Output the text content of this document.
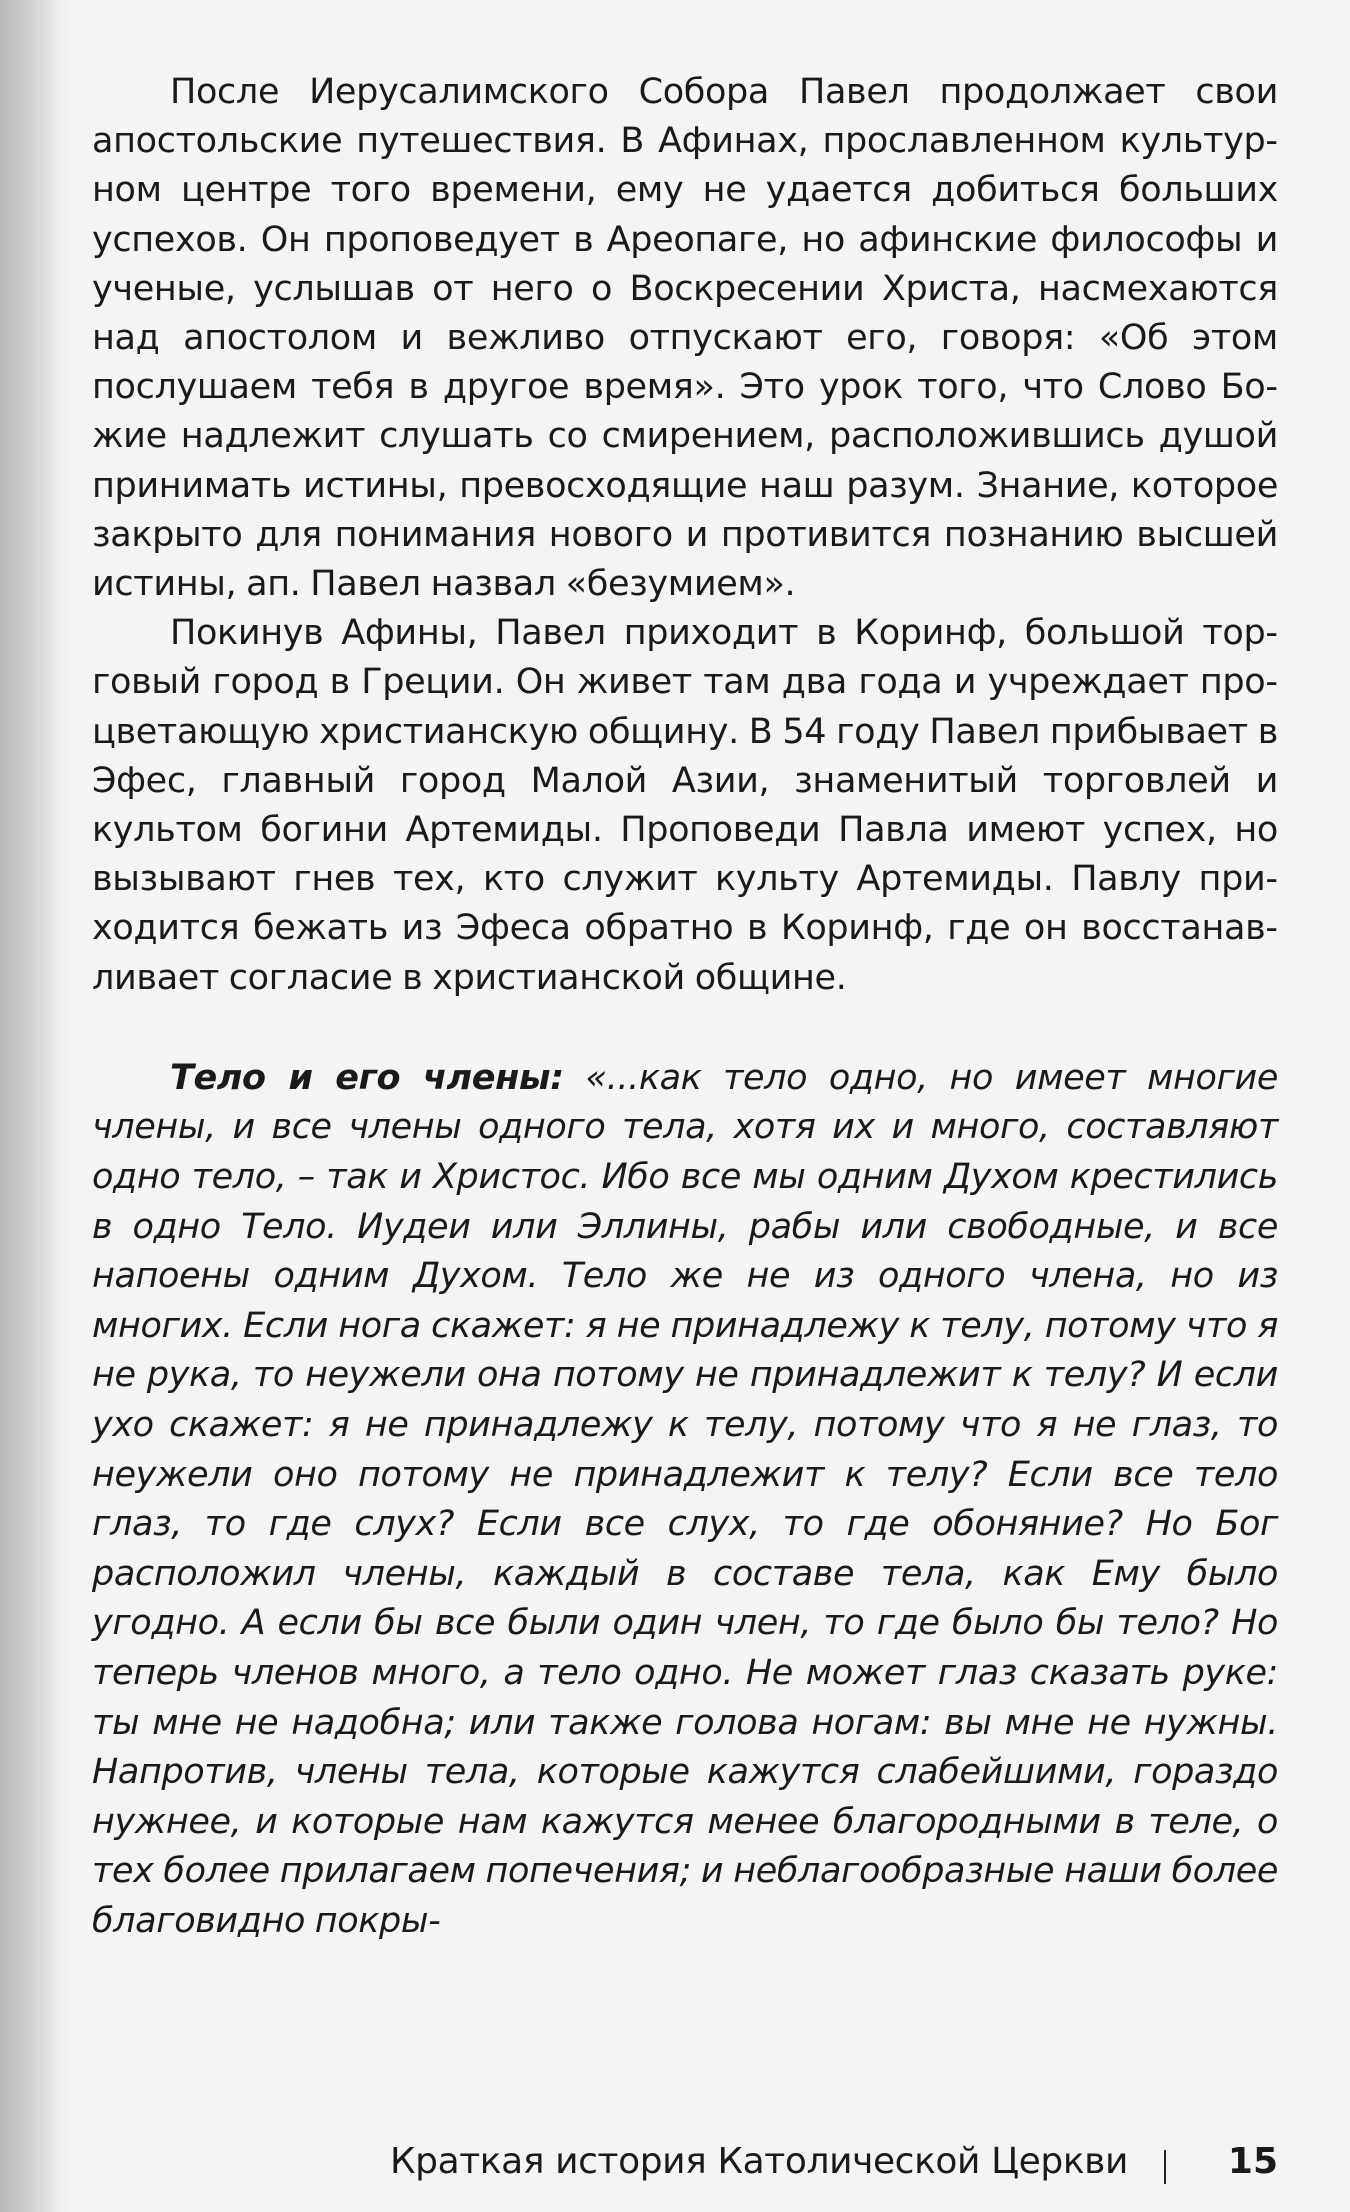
После Иерусалимского Собора Павел продолжает свои апостольские путешествия. В Афинах, прославленном культурном центре того времени, ему не удается добиться больших успехов. Он проповедует в Ареопаге, но афинские философы и ученые, услышав от него о Воскресении Христа, насмехаются над апостолом и вежливо отпускают его, говоря: «Об этом послушаем тебя в другое время». Это урок того, что Слово Божие надлежит слушать со смирением, расположившись душой принимать истины, превосходящие наш разум. Знание, которое закрыто для понимания нового и противится познанию высшей истины, ап. Павел назвал «безумием».

Покинув Афины, Павел приходит в Коринф, большой торговый город в Греции. Он живет там два года и учреждает процветающую христианскую общину. В 54 году Павел прибывает в Эфес, главный город Малой Азии, знаменитый торговлей и культом богини Артемиды. Проповеди Павла имеют успех, но вызывают гнев тех, кто служит культу Артемиды. Павлу приходится бежать из Эфеса обратно в Коринф, где он восстанавливает согласие в христианской общине.

Тело и его члены: «...как тело одно, но имеет многие члены, и все члены одного тела, хотя их и много, составляют одно тело, – так и Христос. Ибо все мы одним Духом крестились в одно Тело. Иудеи или Эллины, рабы или свободные, и все напоены одним Духом. Тело же не из одного члена, но из многих. Если нога скажет: я не принадлежу к телу, потому что я не рука, то неужели она потому не принадлежит к телу? И если ухо скажет: я не принадлежу к телу, потому что я не глаз, то неужели оно потому не принадлежит к телу? Если все тело глаз, то где слух? Если все слух, то где обоняние? Но Бог расположил члены, каждый в составе тела, как Ему было угодно. А если бы все были один член, то где было бы тело? Но теперь членов много, а тело одно. Не может глаз сказать руке: ты мне не надобна; или также голова ногам: вы мне не нужны. Напротив, члены тела, которые кажутся слабейшими, гораздо нужнее, и которые нам кажутся менее благородными в теле, о тех более прилагаем попечения; и неблагообразные наши более благовидно покры-

Краткая история Католической Церкви	15
